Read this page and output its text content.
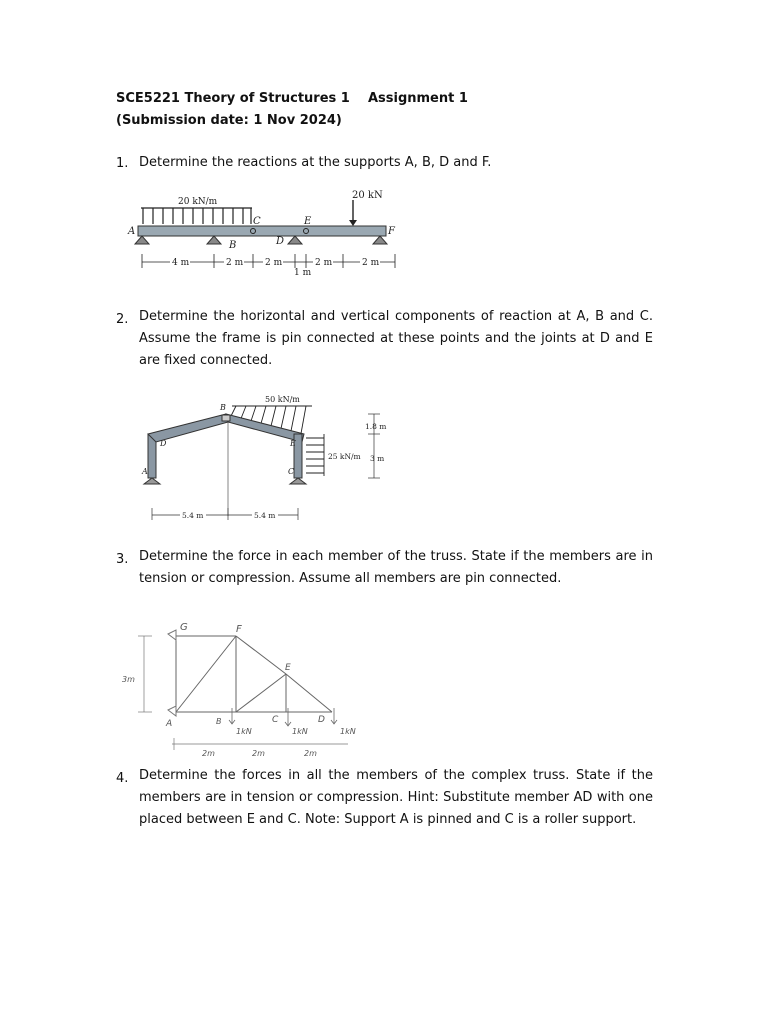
SCE5221 Theory of Structures 1 Assignment 1
(Submission date: 1 Nov 2024)
1. Determine the reactions at the supports A, B, D and F.
20 kN/m
20 kN
A
B
C
D
E
F
4 m	2 m 2 m	2 m	2 m
1 m
2. Determine the horizontal and vertical components of reaction at A, B and C. Assume the frame is pin connected at these points and the joints at D and E are fixed connected.
50 kN/m
25 kN/m
B
D	E
A	C
1.8 m
3 m
5.4 m	5.4 m
3. Determine the force in each member of the truss. State if the members are in tension or compression. Assume all members are pin connected.
G	F
E
A	B	C	D
3m
1kN	1kN	1kN
2m	2m	2m
4. Determine the forces in all the members of the complex truss. State if the members are in tension or compression. Hint: Substitute member AD with one placed between E and C. Note: Support A is pinned and C is a roller support.
